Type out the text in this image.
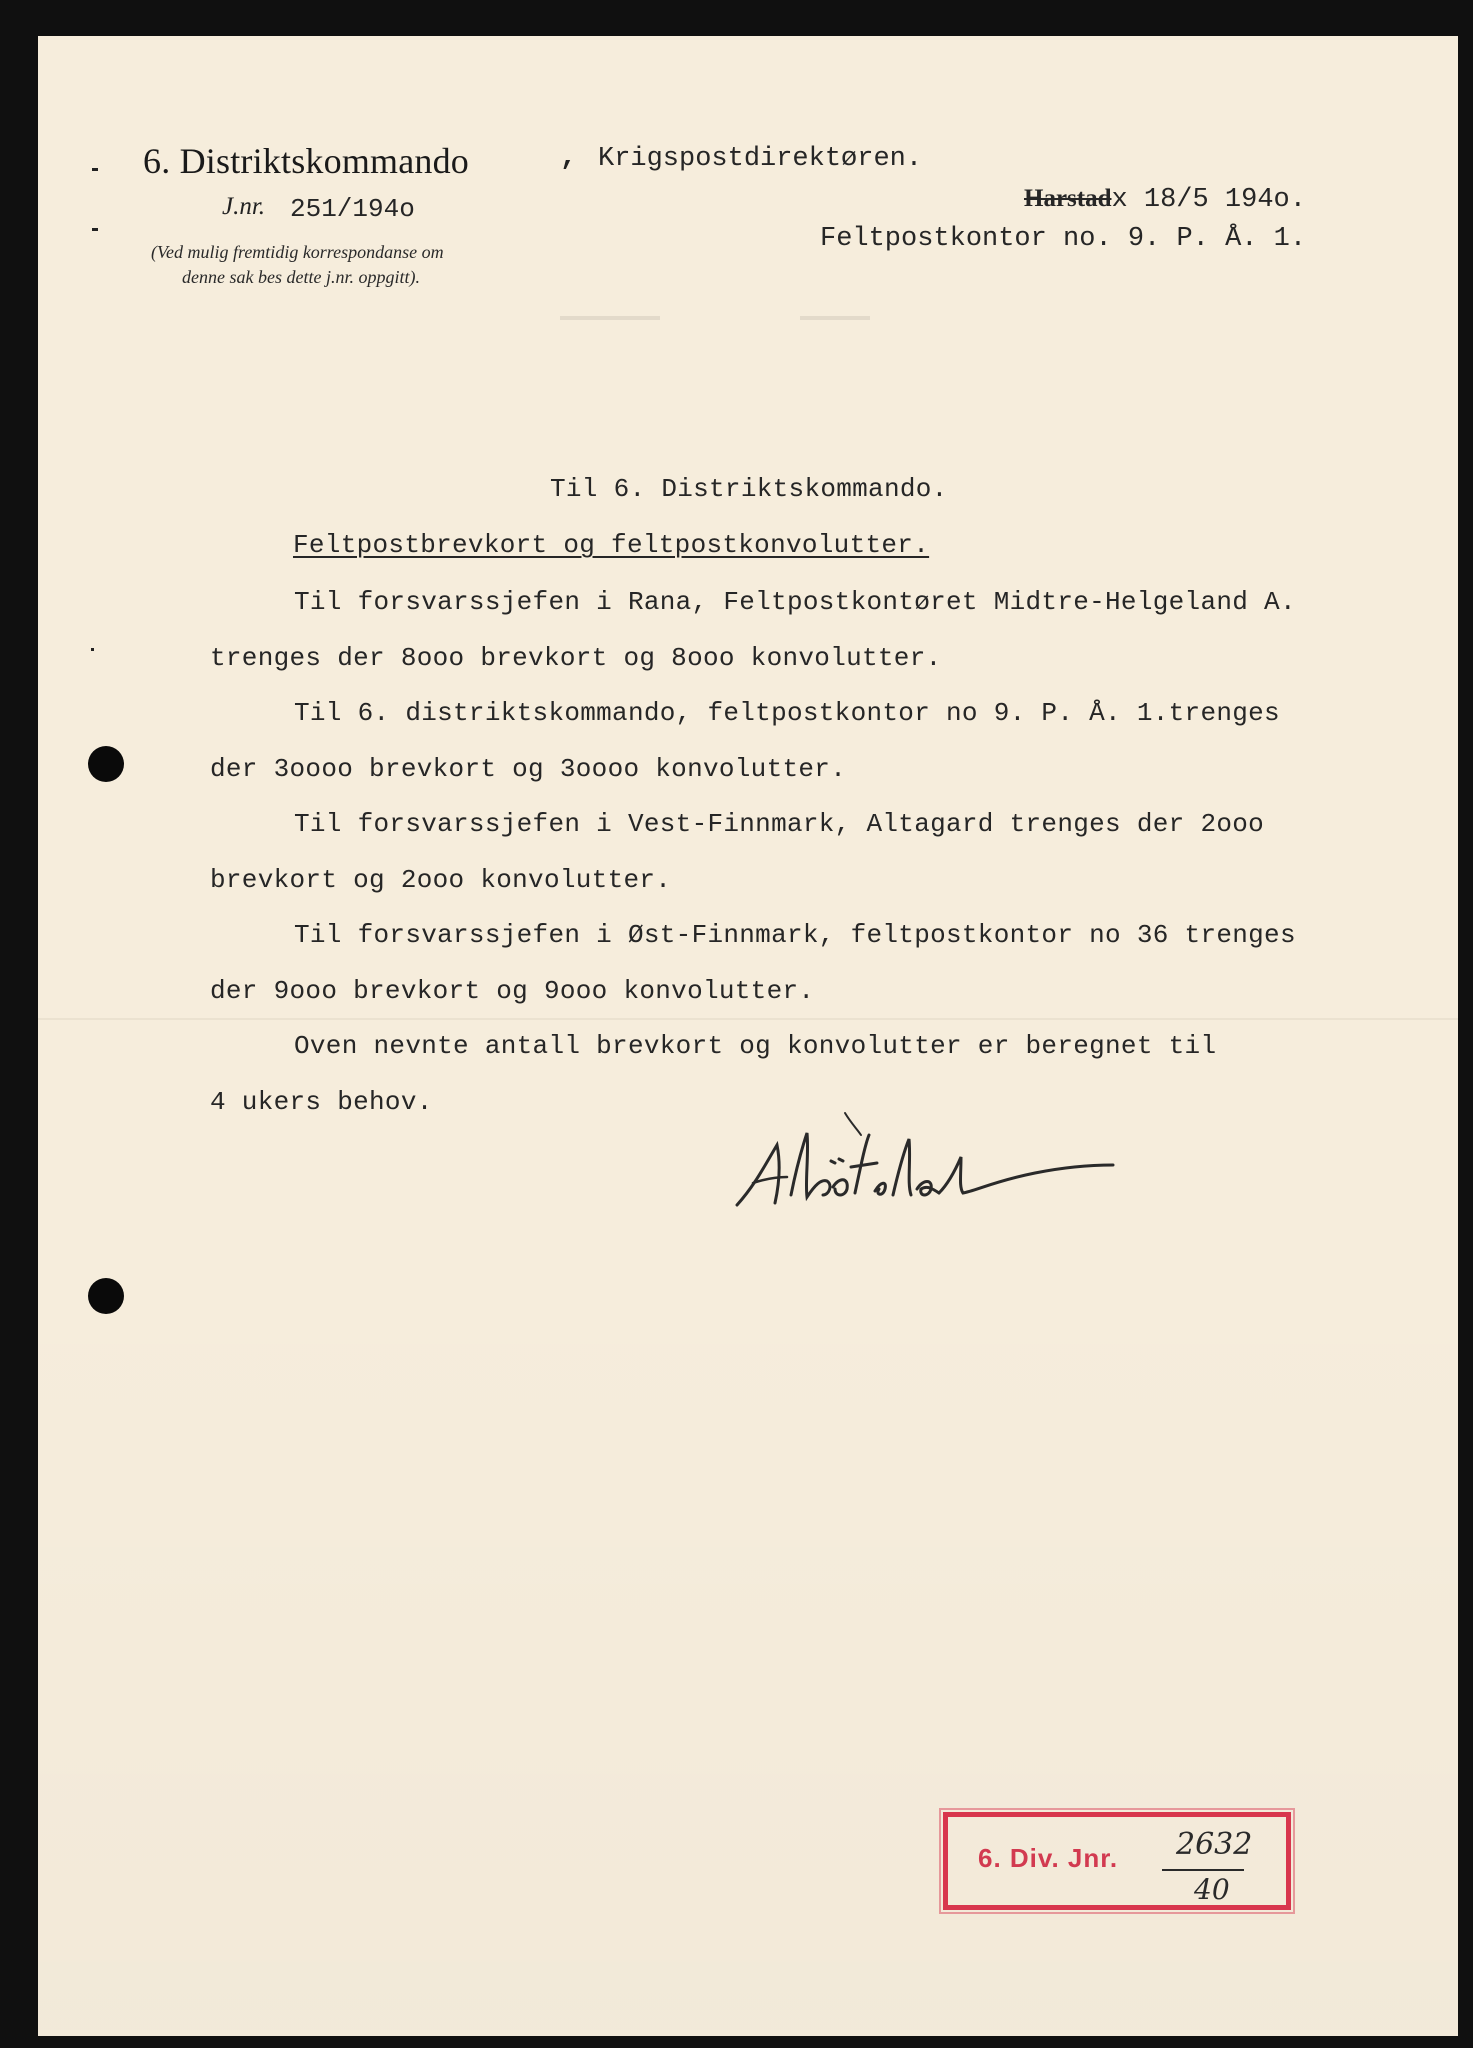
6. Distriktskommando	, Krigspostdirektøren.
J.nr. 251/194o
(Ved mulig fremtidig korrespondanse om
denne sak bes dette j.nr. oppgitt).
Harstadx 18/5 194o.
Feltpostkontor no. 9. P. Å. 1.
Til 6. Distriktskommando.
Feltpostbrevkort og feltpostkonvolutter.
Til forsvarssjefen i Rana, Feltpostkontøret Midtre-Helgeland A.
trenges der 8ooo brevkort og 8ooo konvolutter.
Til 6. distriktskommando, feltpostkontor no 9. P. Å. 1.trenges
der 3oooo brevkort og 3oooo konvolutter.
Til forsvarssjefen i Vest-Finnmark, Altagard trenges der 2ooo
brevkort og 2ooo konvolutter.
Til forsvarssjefen i Øst-Finnmark, feltpostkontor no 36 trenges
der 9ooo brevkort og 9ooo konvolutter.
Oven nevnte antall brevkort og konvolutter er beregnet til
4 ukers behov.
6. Div. Jnr. 2632
40
